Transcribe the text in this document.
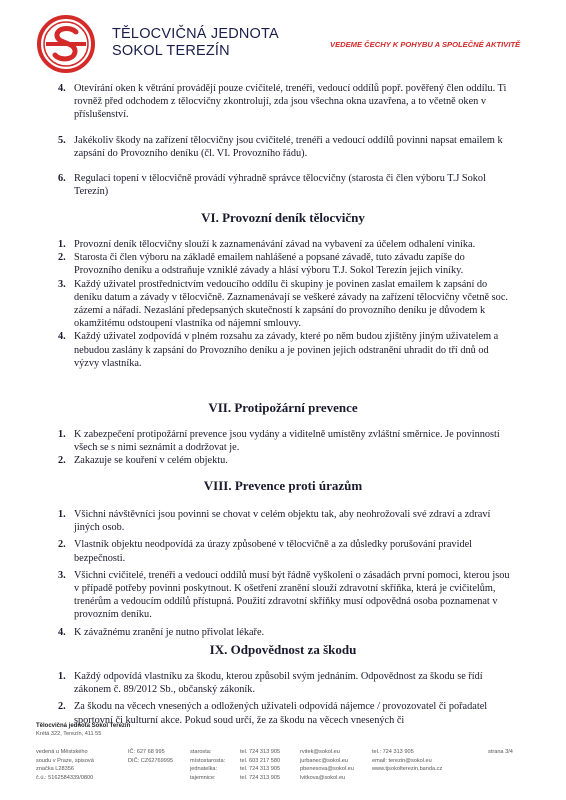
TĚLOCVIČNÁ JEDNOTA
SOKOL TEREZÍN	VEDEME ČECHY K POHYBU A SPOLEČNÉ AKTIVITĚ
4. Otevírání oken k větrání provádějí pouze cvičitelé, trenéři, vedoucí oddílů popř. pověřený člen oddílu. Ti rovněž před odchodem z tělocvičny zkontrolují, zda jsou všechna okna uzavřena, a to včetně oken v příslušenství.
5. Jakékoliv škody na zařízení tělocvičny jsou cvičitelé, trenéři a vedoucí oddílů povinni napsat emailem k zapsání do Provozního deníku (čl. VI. Provozního řádu).
6. Regulaci topení v tělocvičně provádí výhradně správce tělocvičny (starosta či člen výboru T.J Sokol Terezín)
VI. Provozní deník tělocvičny
1. Provozní deník tělocvičny slouží k zaznamenávání závad na vybavení za účelem odhalení viníka.
2. Starosta či člen výboru na základě emailem nahlášené a popsané závadě, tuto závadu zapíše do Provozního deníku a odstraňuje vzniklé závady a hlásí výboru T.J. Sokol Terezín jejich viníky.
3. Každý uživatel prostřednictvím vedoucího oddílu či skupiny je povinen zaslat emailem k zapsání do deníku datum a závady v tělocvičně. Zaznamenávají se veškeré závady na zařízení tělocvičny včetně soc. zázemí a nářadí. Nezaslání předepsaných skutečností k zapsání do provozního deníku je důvodem k okamžitému odstoupení vlastníka od nájemní smlouvy.
4. Každý uživatel zodpovídá v plném rozsahu za závady, které po něm budou zjištěny jiným uživatelem a nebudou zaslány k zapsání do Provozního deníku a je povinen jejich odstranění uhradit do tří dnů od výzvy vlastníka.
VII. Protipožární prevence
1. K zabezpečení protipožární prevence jsou vydány a viditelně umístěny zvláštní směrnice. Je povinností všech se s nimi seznámit a dodržovat je.
2. Zakazuje se kouření v celém objektu.
VIII. Prevence proti úrazům
1. Všichni návštěvníci jsou povinni se chovat v celém objektu tak, aby neohrožovali své zdraví a zdraví jiných osob.
2. Vlastník objektu neodpovídá za úrazy způsobené v tělocvičně a za důsledky porušování pravidel bezpečnosti.
3. Všichni cvičitelé, trenéři a vedoucí oddílů musí být řádně vyškoleni o zásadách první pomoci, kterou jsou v případě potřeby povinni poskytnout. K ošetření zranění slouží zdravotní skříňka, která je cvičitelům, trenérům a vedoucím oddílů přístupná. Použití zdravotní skříňky musí odpovědná osoba poznamenat v provozním deníku.
4. K závažnému zranění je nutno přivolat lékaře.
IX. Odpovědnost za škodu
1. Každý odpovídá vlastníku za škodu, kterou způsobil svým jednáním. Odpovědnost za škodu se řídí zákonem č. 89/2012 Sb., občanský zákoník.
2. Za škodu na věcech vnesených a odložených uživateli odpovídá nájemce / provozovatel či pořadatel sportovní či kulturní akce. Pokud soud určí, že za škodu na věcech vnesených či
Tělocvičná jednota Sokol Terezín
Krétá 322, Terezín, 411 55
vedená u Městského
soudu v Praze, spisová
značka L28356
č.ú.: 5162584339/0800
IČ: 627 68 995
DIČ: CZ62769995
starosta:
místostarosta:
jednatelka:
tajemnice:
tel. 724 313 905
tel. 603 217 580
tel. 724 313 905
tel. 724 313 905
rvitek@sokol.eu
jurbanec@sokol.eu
pbenesova@sokol.eu
lvitkova@sokol.eu
tel.: 724 313 905
email: terezin@sokol.eu
www.tjsokolterezin.banda.cz
strana 3/4
